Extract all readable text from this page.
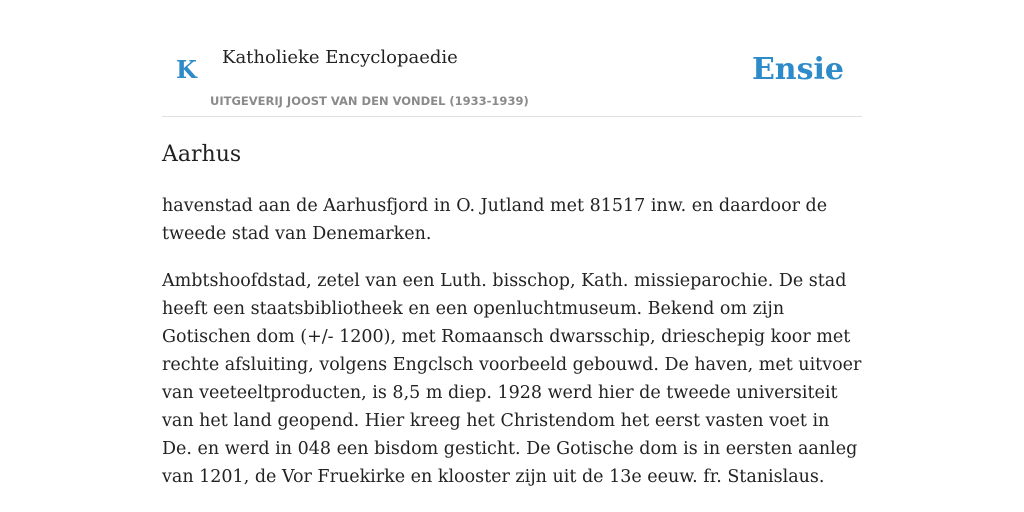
K Katholieke Encyclopaedie
UITGEVERIJ JOOST VAN DEN VONDEL (1933-1939)
Ensie
Aarhus

havenstad aan de Aarhusfjord in O. Jutland met 81517 inw. en daardoor de tweede stad van Denemarken.

Ambtshoofdstad, zetel van een Luth. bisschop, Kath. missieparochie. De stad heeft een staatsbibliotheek en een openluchtmuseum. Bekend om zijn Gotischen dom (+/- 1200), met Romaansch dwarsschip, drieschepig koor met rechte afsluiting, volgens Engclsch voorbeeld gebouwd. De haven, met uitvoer van veeteeltproducten, is 8,5 m diep. 1928 werd hier de tweede universiteit van het land geopend. Hier kreeg het Christendom het eerst vasten voet in De. en werd in 048 een bisdom gesticht. De Gotische dom is in eersten aanleg van 1201, de Vor Fruekirke en klooster zijn uit de 13e eeuw. fr. Stanislaus.
